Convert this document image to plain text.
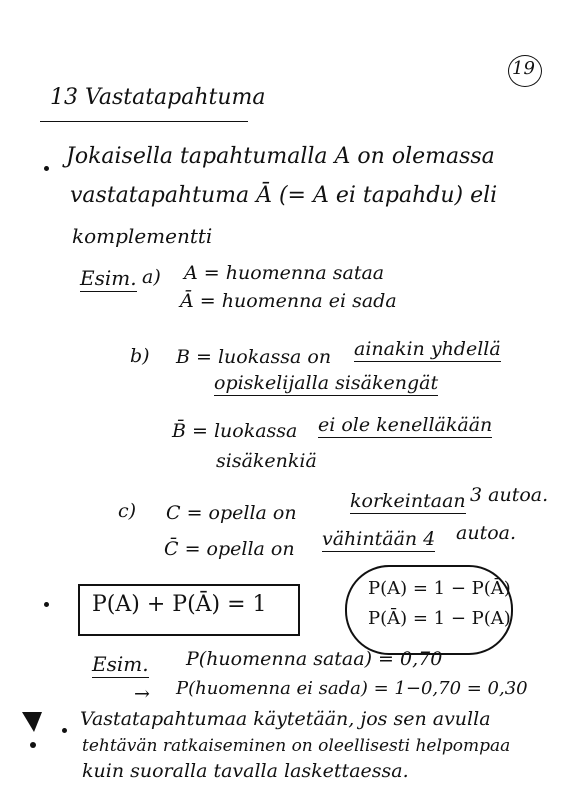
19
13 Vastatapahtuma
Jokaisella tapahtumalla A on olemassa
vastatapahtuma Ā (= A ei tapahdu) eli
komplementti
Esim. a) A = huomenna sataa
Ā = huomenna ei sada
b) B = luokassa on ainakin yhdellä
opiskelijalla sisäkengät
B̄ = luokassa ei ole kenelläkään
sisäkenkiä
c) C = opella on
korkeintaan 3 autoa.
C̄ = opella on vähintään 4 autoa.
P(A) + P(Ā) = 1
P(A) = 1 − P(Ā)
P(Ā) = 1 − P(A)
Esim. P(huomenna sataa) = 0,70
→ P(huomenna ei sada) = 1−0,70 = 0,30
Vastatapahtumaa käytetään, jos sen avulla
tehtävän ratkaiseminen on oleellisesti helpompaa
kuin suoralla tavalla laskettaessa.
